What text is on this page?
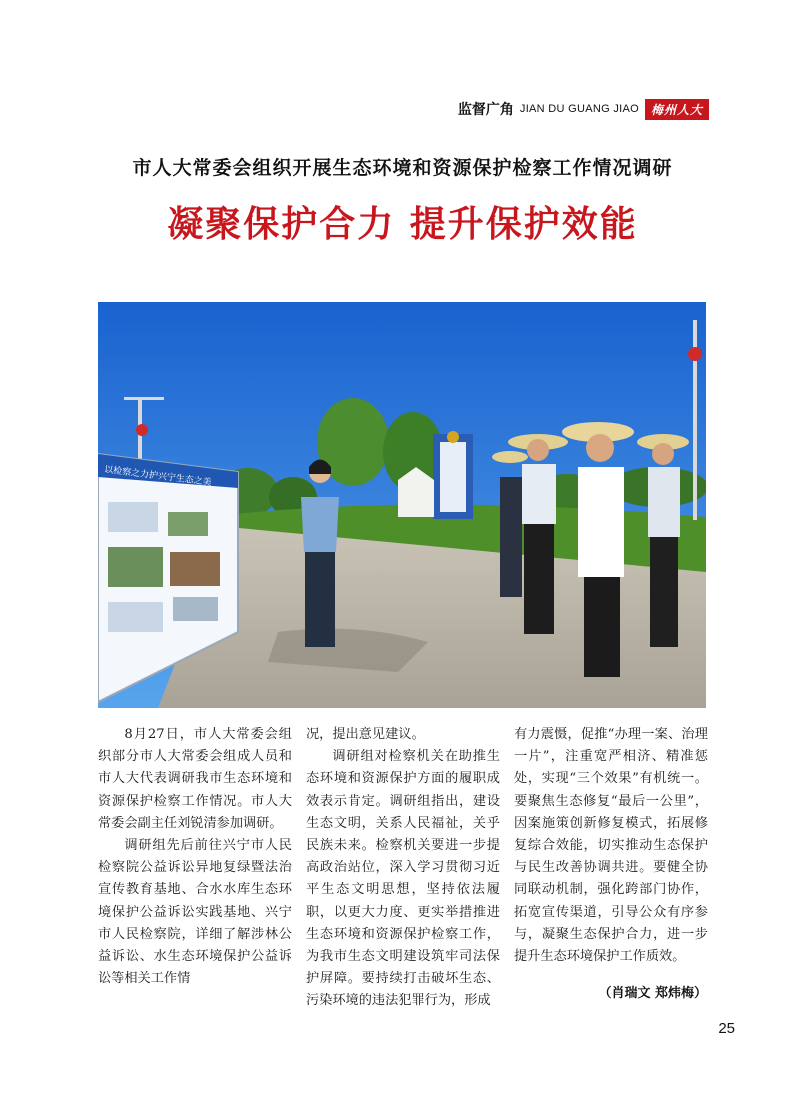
监督广角 JIAN DU GUANG JIAO	梅州人大
市人大常委会组织开展生态环境和资源保护检察工作情况调研
凝聚保护合力 提升保护效能
以检察之力护兴宁生态之美

8月27日，市人大常委会组织部分市人大常委会组成人员和市人大代表调研我市生态环境和资源保护检察工作情况。市人大常委会副主任刘锐清参加调研。

调研组先后前往兴宁市人民检察院公益诉讼异地复绿暨法治宣传教育基地、合水水库生态环境保护公益诉讼实践基地、兴宁市人民检察院，详细了解涉林公益诉讼、水生态环境保护公益诉讼等相关工作情

况，提出意见建议。

调研组对检察机关在助推生态环境和资源保护方面的履职成效表示肯定。调研组指出，建设生态文明，关系人民福祉，关乎民族未来。检察机关要进一步提高政治站位，深入学习贯彻习近平生态文明思想，坚持依法履职，以更大力度、更实举措推进生态环境和资源保护检察工作，为我市生态文明建设筑牢司法保护屏障。要持续打击破坏生态、污染环境的违法犯罪行为，形成

有力震慑，促推“办理一案、治理一片”，注重宽严相济、精准惩处，实现“三个效果”有机统一。要聚焦生态修复“最后一公里”，因案施策创新修复模式，拓展修复综合效能，切实推动生态保护与民生改善协调共进。要健全协同联动机制，强化跨部门协作，拓宽宣传渠道，引导公众有序参与，凝聚生态保护合力，进一步提升生态环境保护工作质效。

（肖瑞文 郑炜梅）
25
